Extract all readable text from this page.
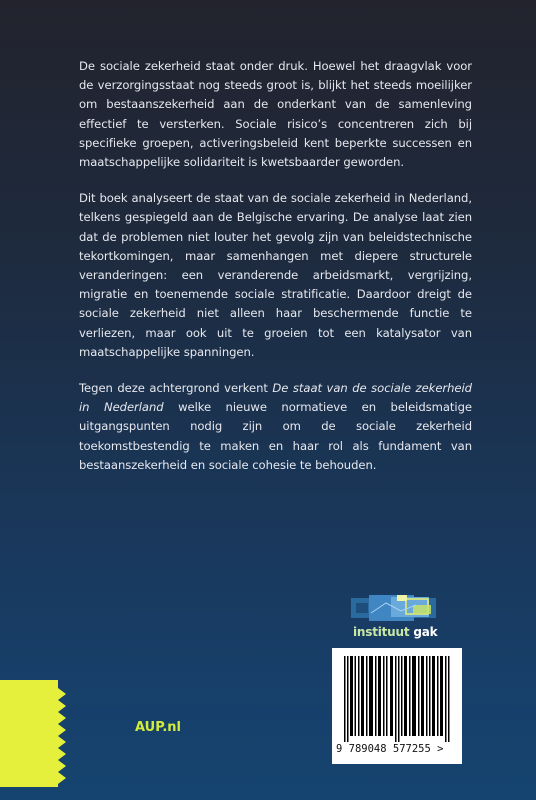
De sociale zekerheid staat onder druk. Hoewel het draagvlak voor de verzorgingsstaat nog steeds groot is, blijkt het steeds moeilijker om bestaanszekerheid aan de onderkant van de samenleving effectief te versterken. Sociale risico’s concentreren zich bij specifieke groepen, activeringsbeleid kent beperkte successen en maatschappelijke solidariteit is kwetsbaarder geworden.

Dit boek analyseert de staat van de sociale zekerheid in Nederland, telkens gespiegeld aan de Belgische ervaring. De analyse laat zien dat de problemen niet louter het gevolg zijn van beleidstechnische tekortkomingen, maar samenhangen met diepere structurele veranderingen: een veranderende arbeidsmarkt, vergrijzing, migratie en toenemende sociale stratificatie. Daardoor dreigt de sociale zekerheid niet alleen haar beschermende functie te verliezen, maar ook uit te groeien tot een katalysator van maatschappelijke spanningen.

Tegen deze achtergrond verkent De staat van de sociale zekerheid in Nederland welke nieuwe normatieve en beleidsmatige uitgangspunten nodig zijn om de sociale zekerheid toekomstbestendig te maken en haar rol als fundament van bestaanszekerheid en sociale cohesie te behouden.

instituut gak
AUP.nl
9 789048 577255 >
